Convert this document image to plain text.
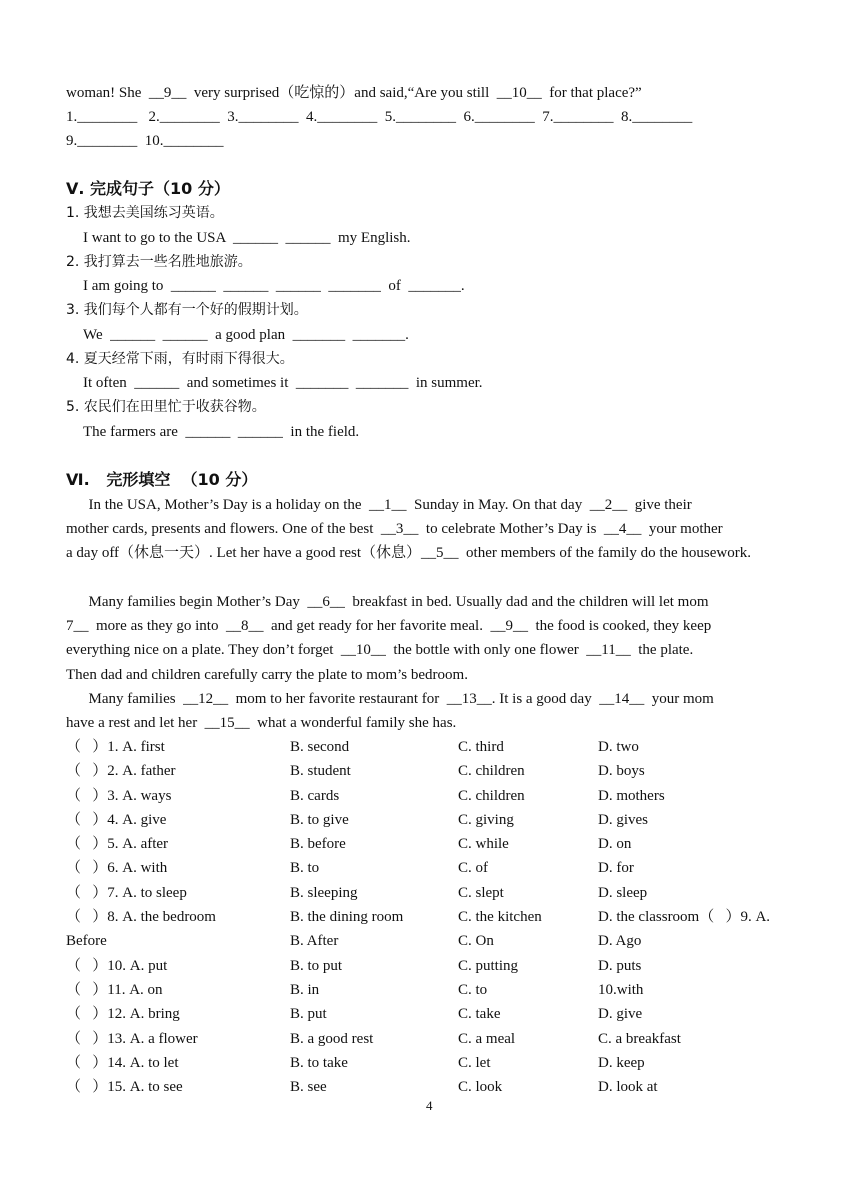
woman! She  __9__  very surprised（吃惊的）and said,“Are you still  __10__  for that place?”
1.________   2.________  3.________  4.________  5.________  6.________  7.________  8.________
9.________  10.________
Ⅴ. 完成句子（10 分）
1. 我想去美国练习英语。
I want to go to the USA  ______  ______  my English.
2. 我打算去一些名胜地旅游。
I am going to  ______  ______  ______  _______  of  _______.
3. 我们每个人都有一个好的假期计划。
We  ______  ______  a good plan  _______  _______.
4. 夏天经常下雨，有时雨下得很大。
It often  ______  and sometimes it  _______  _______  in summer.
5. 农民们在田里忙于收获谷物。
The farmers are  ______  ______  in the field.
Ⅵ.   完形填空  （10 分）
In the USA, Mother’s Day is a holiday on the  __1__  Sunday in May. On that day  __2__  give their
mother cards, presents and flowers. One of the best  __3__  to celebrate Mother’s Day is  __4__  your mother
a day off（休息一天）. Let her have a good rest（休息）__5__  other members of the family do the housework.
Many families begin Mother’s Day  __6__  breakfast in bed. Usually dad and the children will let mom
7__  more as they go into  __8__  and get ready for her favorite meal.  __9__  the food is cooked, they keep
everything nice on a plate. They don’t forget  __10__  the bottle with only one flower  __11__  the plate.
Then dad and children carefully carry the plate to mom’s bedroom.
Many families  __12__  mom to her favorite restaurant for  __13__. It is a good day  __14__  your mom
have a rest and let her  __15__  what a wonderful family she has.
（   ）1. A. first	B. second	C. third	D. two
（   ）2. A. father	B. student	C. children	D. boys
（   ）3. A. ways	B. cards	C. children	D. mothers
（   ）4. A. give	B. to give	C. giving	D. gives
（   ）5. A. after	B. before	C. while	D. on
（   ）6. A. with	B. to	C. of	D. for
（   ）7. A. to sleep	B. sleeping	C. slept	D. sleep
（   ）8. A. the bedroom	B. the dining room	C. the kitchen	D. the classroom（   ）9. A.
Before	B. After	C. On	D. Ago
（   ）10. A. put	B. to put	C. putting	D. puts
（   ）11. A. on	B. in	C. to	10.with
（   ）12. A. bring	B. put	C. take	D. give
（   ）13. A. a flower	B. a good rest	C. a meal	C. a breakfast
（   ）14. A. to let	B. to take	C. let	D. keep
（   ）15. A. to see	B. see	C. look	D. look at
4
